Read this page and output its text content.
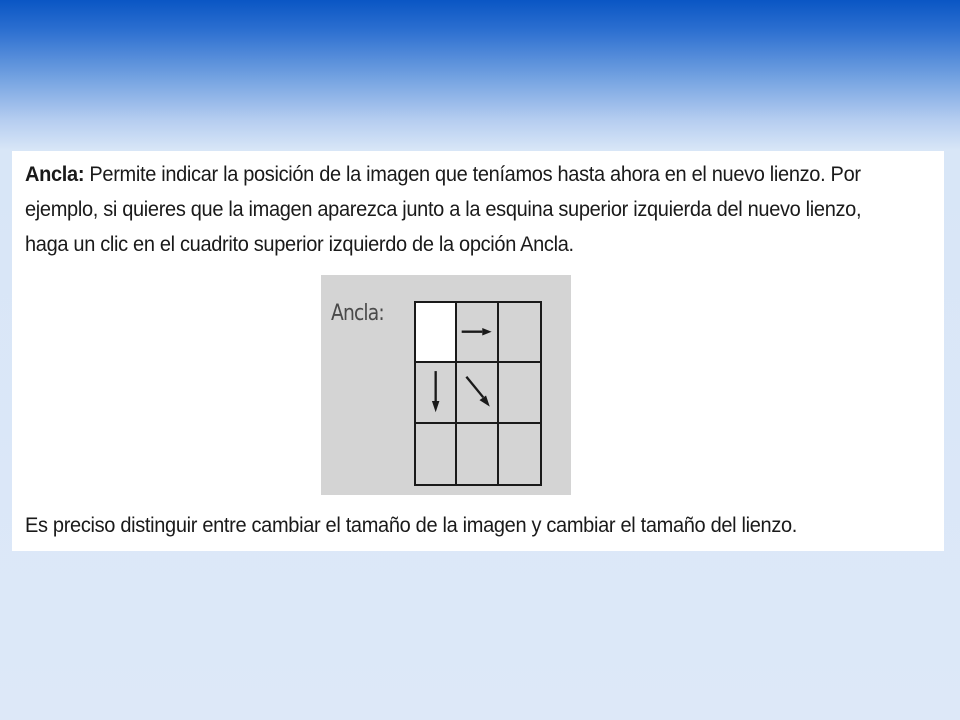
Ancla: Permite indicar la posición de la imagen que teníamos hasta ahora en el nuevo lienzo. Por
ejemplo, si quieres que la imagen aparezca junto a la esquina superior izquierda del nuevo lienzo,
haga un clic en el cuadrito superior izquierdo de la opción Ancla.

Ancla:

Es preciso distinguir entre cambiar el tamaño de la imagen y cambiar el tamaño del lienzo.
